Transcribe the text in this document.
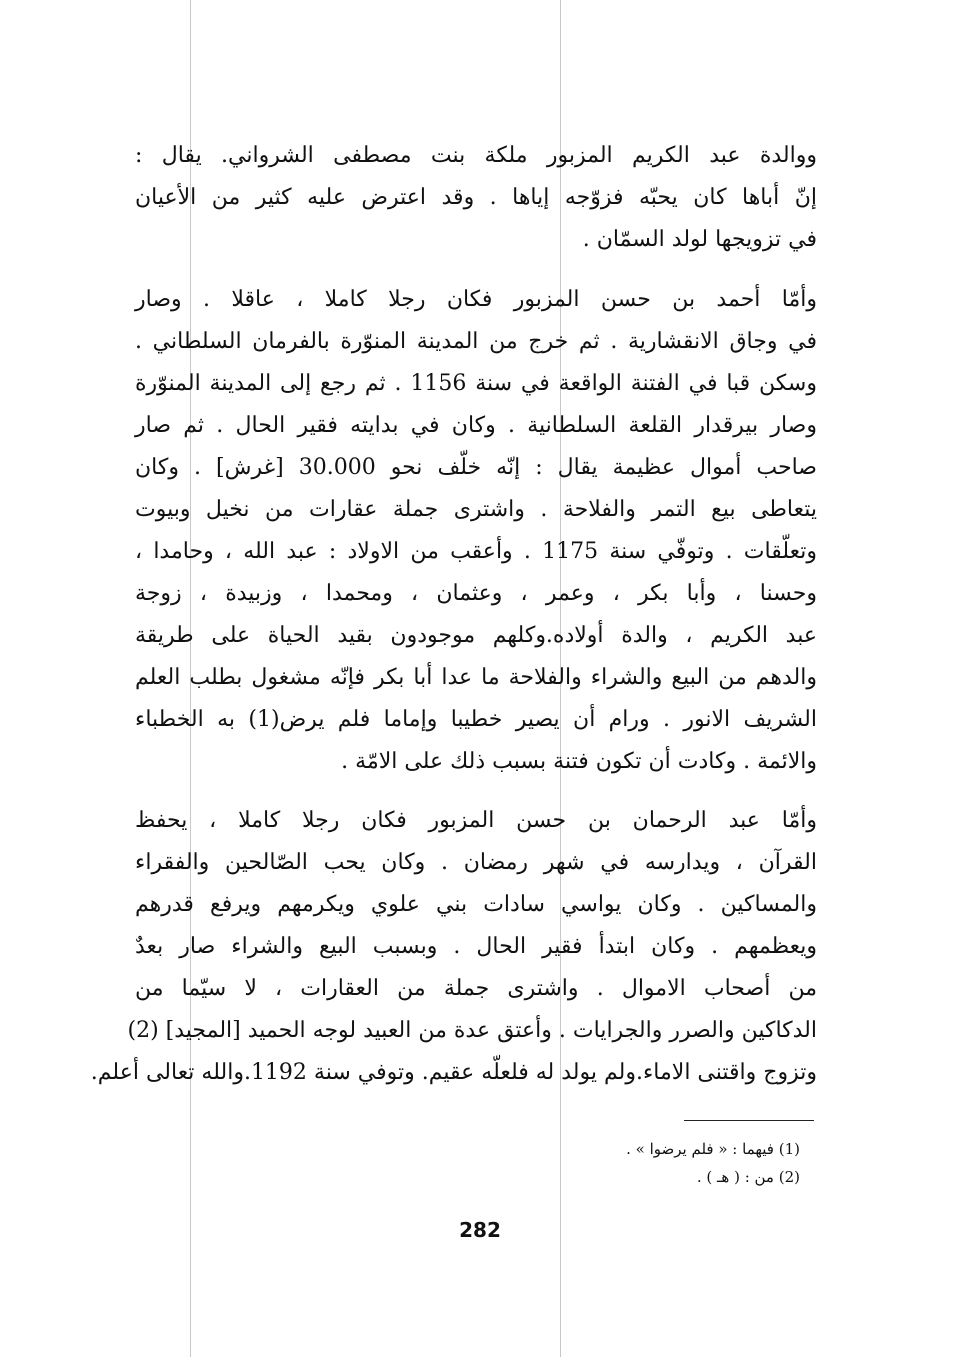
ووالدة عبد الكريم المزبور ملكة بنت مصطفى الشرواني. يقال :
إنّ أباها كان يحبّه فزوّجه إياها . وقد اعترض عليه كثير من الأعيان
في تزويجها لولد السمّان .
وأمّا أحمد بن حسن المزبور فكان رجلا كاملا ، عاقلا . وصار
في وجاق الانقشارية . ثم خرج من المدينة المنوّرة بالفرمان السلطاني .
وسكن قبا في الفتنة الواقعة في سنة 1156 . ثم رجع إلى المدينة المنوّرة
وصار بيرقدار القلعة السلطانية . وكان في بدايته فقير الحال . ثم صار
صاحب أموال عظيمة يقال : إنّه خلّف نحو 30.000 [غرش] . وكان
يتعاطى بيع التمر والفلاحة . واشترى جملة عقارات من نخيل وبيوت
وتعلّقات . وتوفّي سنة 1175 . وأعقب من الاولاد : عبد الله ، وحامدا ،
وحسنا ، وأبا بكر ، وعمر ، وعثمان ، ومحمدا ، وزبيدة ، زوجة
عبد الكريم ، والدة أولاده.وكلهم موجودون بقيد الحياة على طريقة
والدهم من البيع والشراء والفلاحة ما عدا أبا بكر فإنّه مشغول بطلب العلم
الشريف الانور . ورام أن يصير خطيبا وإماما فلم يرض(1) به الخطباء
والائمة . وكادت أن تكون فتنة بسبب ذلك على الامّة .
وأمّا عبد الرحمان بن حسن المزبور فكان رجلا كاملا ، يحفظ
القرآن ، ويدارسه في شهر رمضان . وكان يحب الصّالحين والفقراء
والمساكين . وكان يواسي سادات بني علوي ويكرمهم ويرفع قدرهم
ويعظمهم . وكان ابتدأ فقير الحال . وبسبب البيع والشراء صار بعدٌ
من أصحاب الاموال . واشترى جملة من العقارات ، لا سيّما من
الدكاكين والصرر والجرايات . وأعتق عدة من العبيد لوجه الحميد [المجيد] (2)
وتزوج واقتنى الاماء.ولم يولد له فلعلّه عقيم. وتوفي سنة 1192.والله تعالى أعلم.
(1) فيهما : « فلم يرضوا » .
(2) من : ( هـ ) .
282
